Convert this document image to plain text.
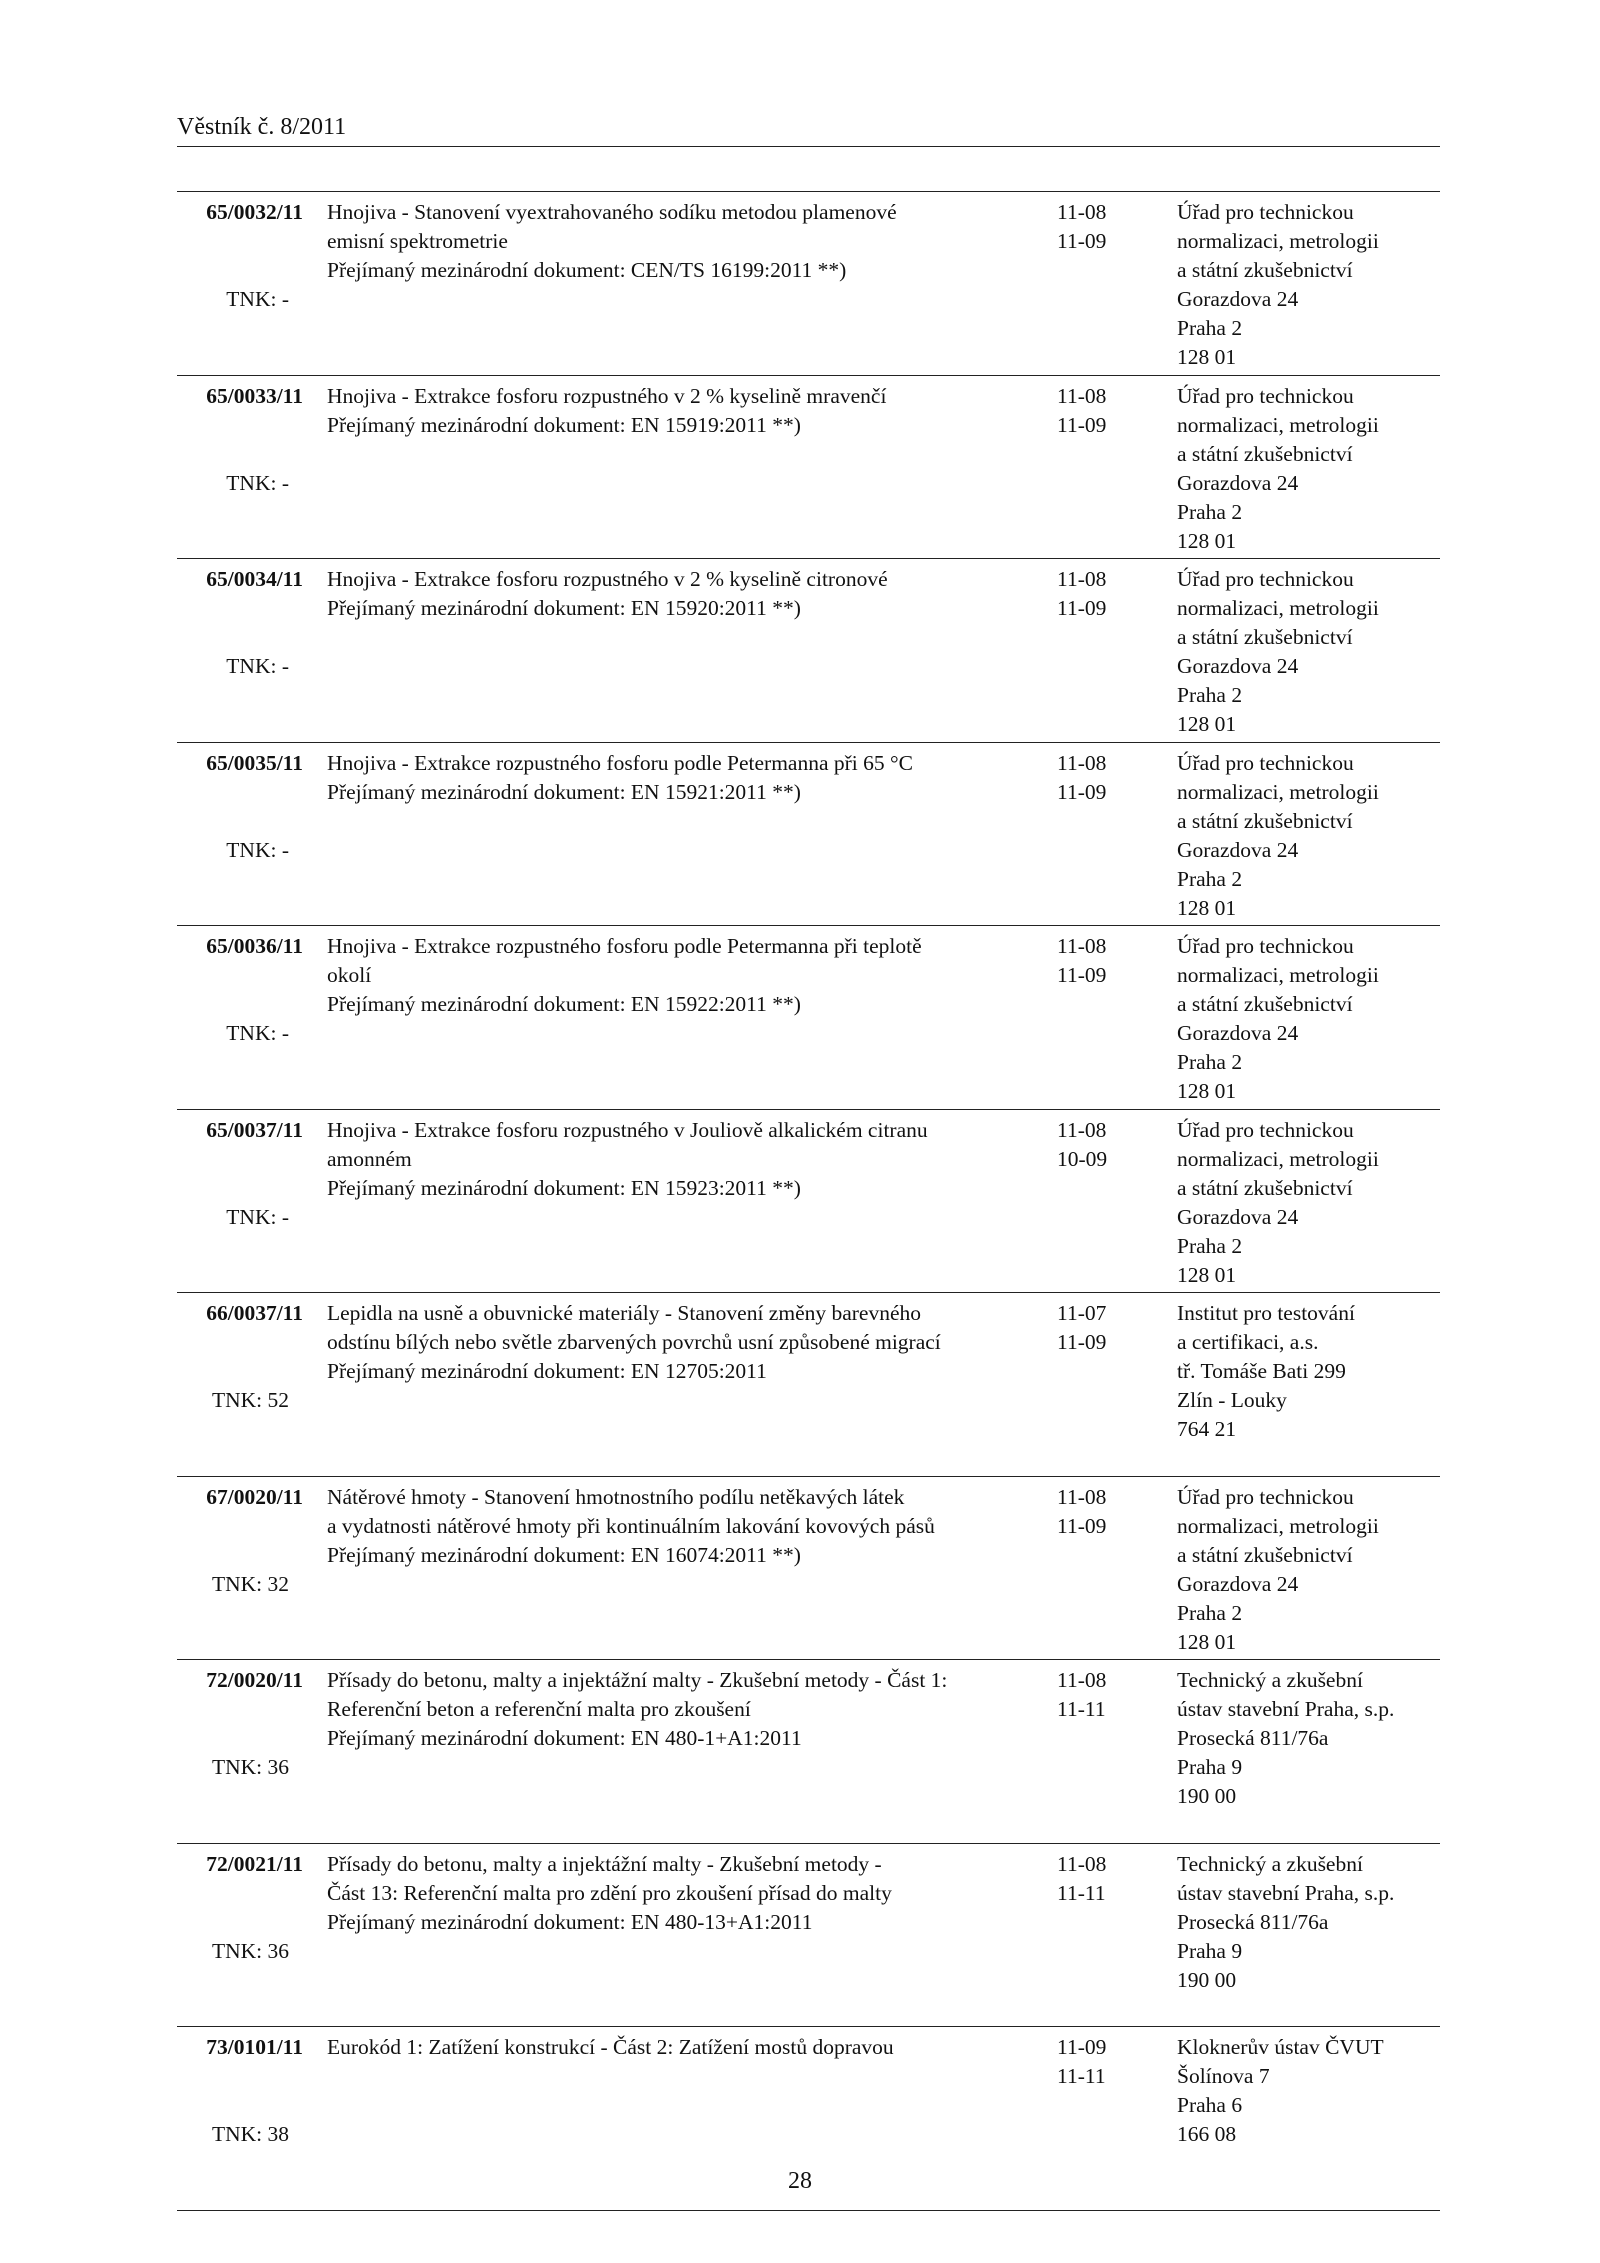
Věstník č. 8/2011
65/0032/11
TNK: -
Hnojiva - Stanovení vyextrahovaného sodíku metodou plamenové
emisní spektrometrie
Přejímaný mezinárodní dokument: CEN/TS 16199:2011 **)
11-08
11-09
Úřad pro technickou
normalizaci, metrologii
a státní zkušebnictví
Gorazdova 24
Praha 2
128 01
65/0033/11
TNK: -
Hnojiva - Extrakce fosforu rozpustného v 2 % kyselině mravenčí
Přejímaný mezinárodní dokument: EN 15919:2011 **)
11-08
11-09
Úřad pro technickou
normalizaci, metrologii
a státní zkušebnictví
Gorazdova 24
Praha 2
128 01
65/0034/11
TNK: -
Hnojiva - Extrakce fosforu rozpustného v 2 % kyselině citronové
Přejímaný mezinárodní dokument: EN 15920:2011 **)
11-08
11-09
Úřad pro technickou
normalizaci, metrologii
a státní zkušebnictví
Gorazdova 24
Praha 2
128 01
65/0035/11
TNK: -
Hnojiva - Extrakce rozpustného fosforu podle Petermanna při 65 °C
Přejímaný mezinárodní dokument: EN 15921:2011 **)
11-08
11-09
Úřad pro technickou
normalizaci, metrologii
a státní zkušebnictví
Gorazdova 24
Praha 2
128 01
65/0036/11
TNK: -
Hnojiva - Extrakce rozpustného fosforu podle Petermanna při teplotě
okolí
Přejímaný mezinárodní dokument: EN 15922:2011 **)
11-08
11-09
Úřad pro technickou
normalizaci, metrologii
a státní zkušebnictví
Gorazdova 24
Praha 2
128 01
65/0037/11
TNK: -
Hnojiva - Extrakce fosforu rozpustného v Jouliově alkalickém citranu
amonném
Přejímaný mezinárodní dokument: EN 15923:2011 **)
11-08
10-09
Úřad pro technickou
normalizaci, metrologii
a státní zkušebnictví
Gorazdova 24
Praha 2
128 01
66/0037/11
TNK: 52
Lepidla na usně a obuvnické materiály - Stanovení změny barevného
odstínu bílých nebo světle zbarvených povrchů usní způsobené migrací
Přejímaný mezinárodní dokument: EN 12705:2011
11-07
11-09
Institut pro testování
a certifikaci, a.s.
tř. Tomáše Bati 299
Zlín - Louky
764 21
67/0020/11
TNK: 32
Nátěrové hmoty - Stanovení hmotnostního podílu netěkavých látek
a vydatnosti nátěrové hmoty při kontinuálním lakování kovových pásů
Přejímaný mezinárodní dokument: EN 16074:2011 **)
11-08
11-09
Úřad pro technickou
normalizaci, metrologii
a státní zkušebnictví
Gorazdova 24
Praha 2
128 01
72/0020/11
TNK: 36
Přísady do betonu, malty a injektážní malty - Zkušební metody - Část 1:
Referenční beton a referenční malta pro zkoušení
Přejímaný mezinárodní dokument: EN 480-1+A1:2011
11-08
11-11
Technický a zkušební
ústav stavební Praha, s.p.
Prosecká 811/76a
Praha 9
190 00
72/0021/11
TNK: 36
Přísady do betonu, malty a injektážní malty - Zkušební metody -
Část 13: Referenční malta pro zdění pro zkoušení přísad do malty
Přejímaný mezinárodní dokument: EN 480-13+A1:2011
11-08
11-11
Technický a zkušební
ústav stavební Praha, s.p.
Prosecká 811/76a
Praha 9
190 00
73/0101/11
TNK: 38
Eurokód 1: Zatížení konstrukcí - Část 2: Zatížení mostů dopravou	11-09
11-11
Kloknerův ústav ČVUT
Šolínova 7
Praha 6
166 08
28
